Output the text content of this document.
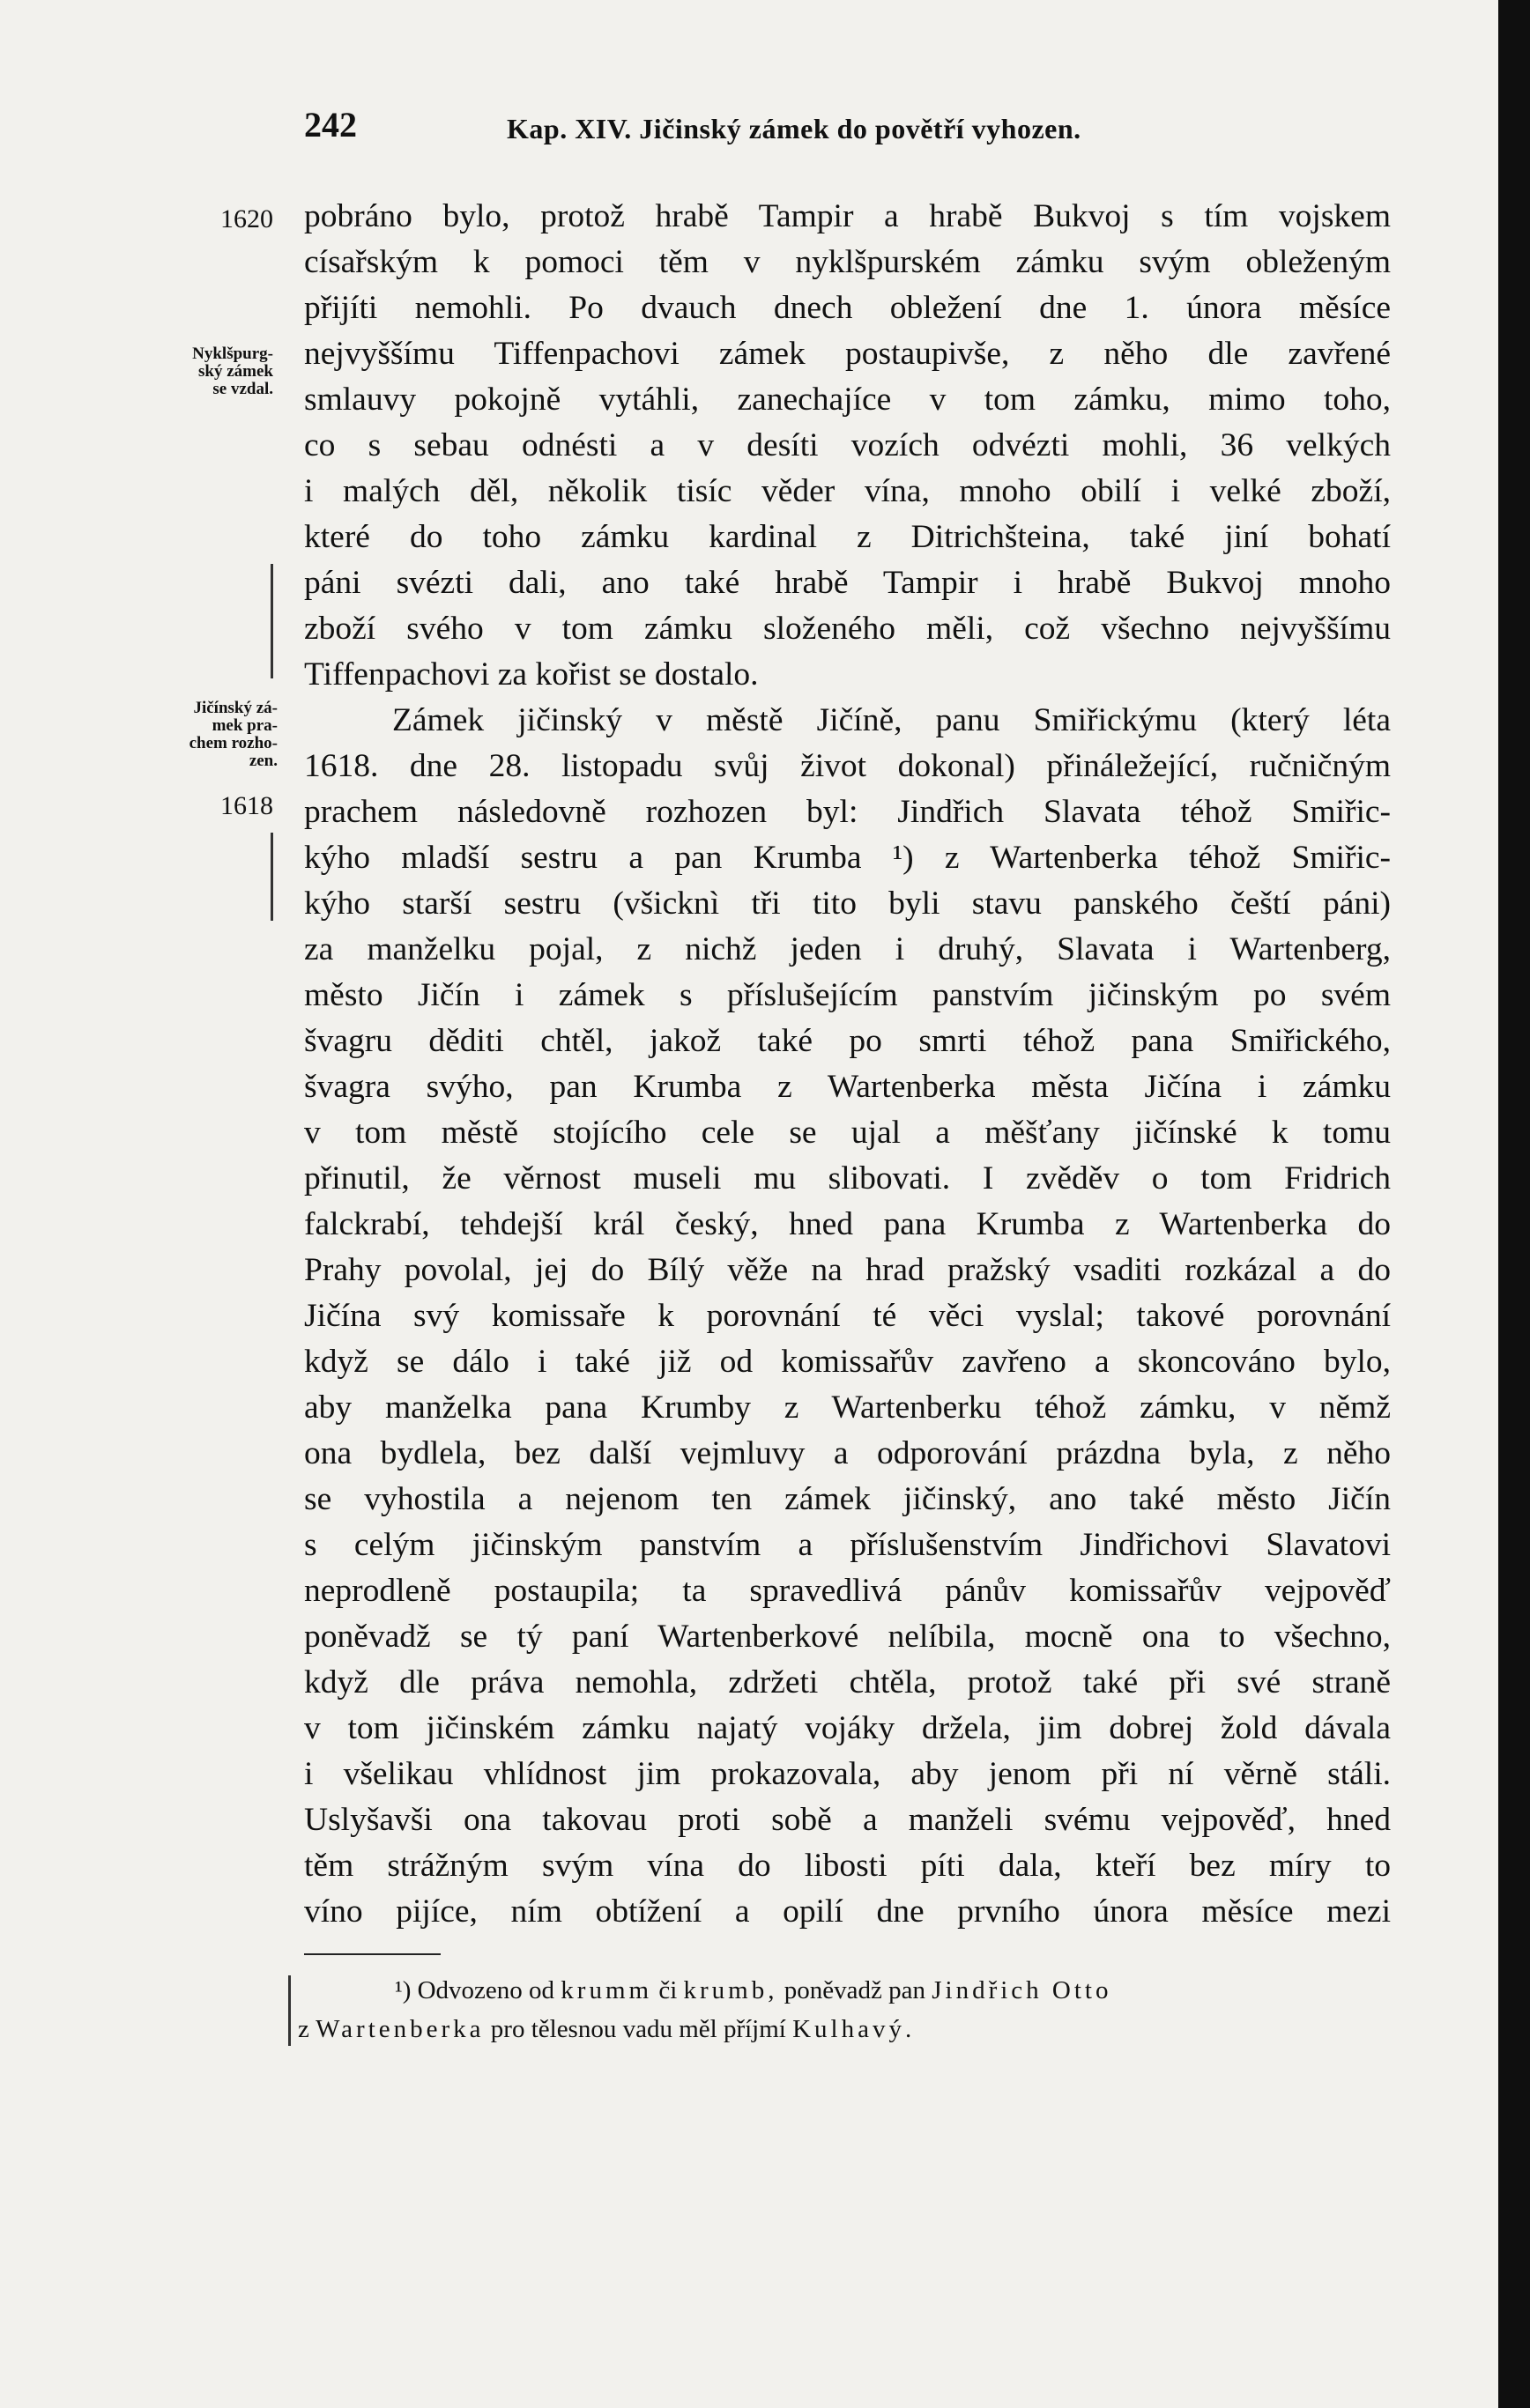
242	Kap. XIV. Jičinský zámek do povětří vyhozen.
1620
Nyklšpurg-
ský zámek
se vzdal.
Jičínský zá-
mek pra-
chem rozho-
zen.
1618
pobráno bylo, protož hrabě Tampir a hrabě Bukvoj s tím vojskem
císařským k pomoci těm v nyklšpurském zámku svým obleženým
přijíti nemohli. Po dvauch dnech obležení dne 1. února měsíce
nejvyššímu Tiffenpachovi zámek postaupivše, z něho dle zavřené
smlauvy pokojně vytáhli, zanechajíce v tom zámku, mimo toho,
co s sebau odnésti a v desíti vozích odvézti mohli, 36 velkých
i malých děl, několik tisíc věder vína, mnoho obilí i velké zboží,
které do toho zámku kardinal z Ditrichšteina, také jiní bohatí
páni svézti dali, ano také hrabě Tampir i hrabě Bukvoj mnoho
zboží svého v tom zámku složeného měli, což všechno nejvyššímu
Tiffenpachovi za kořist se dostalo.
Zámek jičinský v městě Jičíně, panu Smiřickýmu (který léta
1618. dne 28. listopadu svůj život dokonal) přináležející, ručničným
prachem následovně rozhozen byl: Jindřich Slavata téhož Smiřic-
kýho mladší sestru a pan Krumba ¹) z Wartenberka téhož Smiřic-
kýho starší sestru (všicknì tři tito byli stavu panského čeští páni)
za manželku pojal, z nichž jeden i druhý, Slavata i Wartenberg,
město Jičín i zámek s příslušejícím panstvím jičinským po svém
švagru děditi chtěl, jakož také po smrti téhož pana Smiřického,
švagra svýho, pan Krumba z Wartenberka města Jičína i zámku
v tom městě stojícího cele se ujal a měšťany jičínské k tomu
přinutil, že věrnost museli mu slibovati. I zvěděv o tom Fridrich
falckrabí, tehdejší král český, hned pana Krumba z Wartenberka do
Prahy povolal, jej do Bílý věže na hrad pražský vsaditi rozkázal a do
Jičína svý komissaře k porovnání té věci vyslal; takové porovnání
když se dálo i také již od komissařův zavřeno a skoncováno bylo,
aby manželka pana Krumby z Wartenberku téhož zámku, v němž
ona bydlela, bez další vejmluvy a odporování prázdna byla, z něho
se vyhostila a nejenom ten zámek jičinský, ano také město Jičín
s celým jičinským panstvím a příslušenstvím Jindřichovi Slavatovi
neprodleně postaupila; ta spravedlivá pánův komissařův vejpověď
poněvadž se tý paní Wartenberkové nelíbila, mocně ona to všechno,
když dle práva nemohla, zdržeti chtěla, protož také při své straně
v tom jičinském zámku najatý vojáky držela, jim dobrej žold dávala
i všelikau vhlídnost jim prokazovala, aby jenom při ní věrně stáli.
Uslyšavši ona takovau proti sobě a manželi svému vejpověď, hned
těm strážným svým vína do libosti píti dala, kteří bez míry to
víno pijíce, ním obtížení a opilí dne prvního února měsíce mezi
¹) Odvozeno od krumm či krumb, poněvadž pan Jindřich Otto
z Wartenberka pro tělesnou vadu měl příjmí Kulhavý.
